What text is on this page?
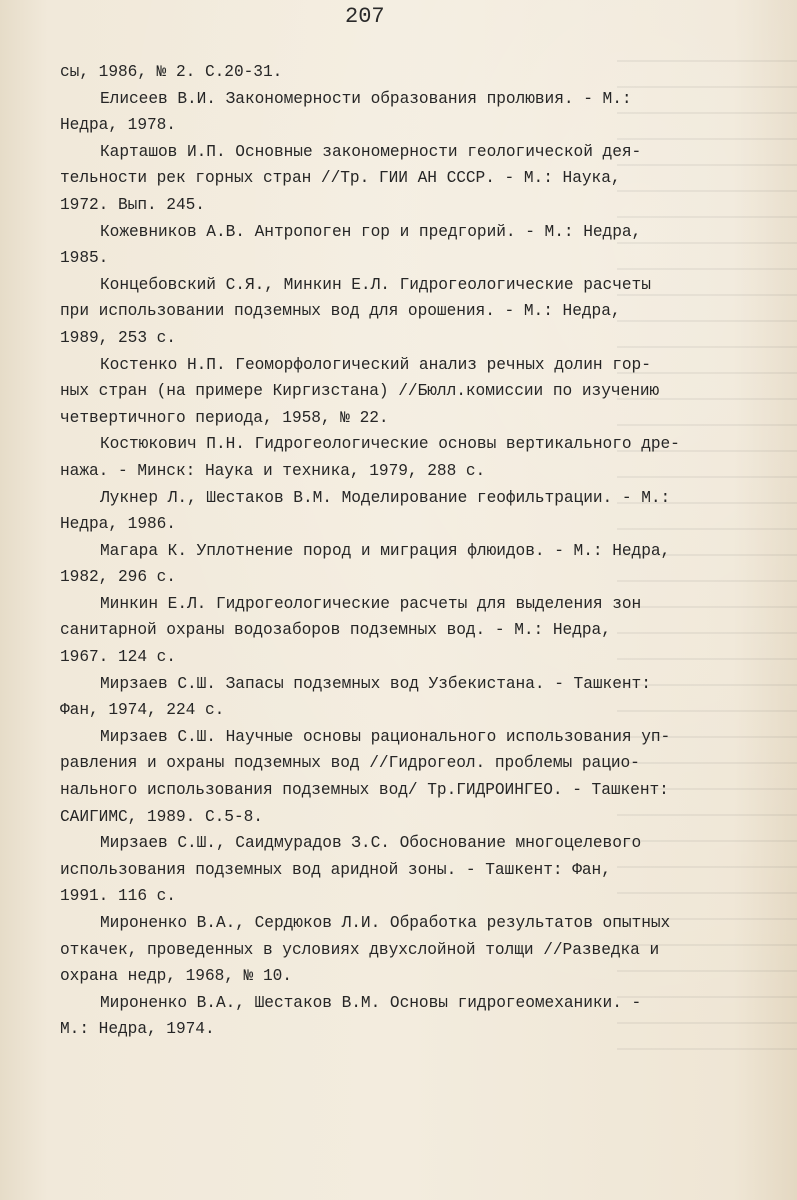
207
сы, 1986, № 2. С.20-31.
Елисеев В.И. Закономерности образования пролювия. - М.:
Недра, 1978.
Карташов И.П. Основные закономерности геологической дея-
тельности рек горных стран //Тр. ГИИ АН СССР. - М.: Наука,
1972. Вып. 245.
Кожевников А.В. Антропоген гор и предгорий. - М.: Недра,
1985.
Концебовский С.Я., Минкин Е.Л. Гидрогеологические расчеты
при использовании подземных вод для орошения. - М.: Недра,
1989, 253 с.
Костенко Н.П. Геоморфологический анализ речных долин гор-
ных стран (на примере Киргизстана) //Бюлл.комиссии по изучению
четвертичного периода, 1958, № 22.
Костюкович П.Н. Гидрогеологические основы вертикального дре-
нажа. - Минск: Наука и техника, 1979, 288 с.
Лукнер Л., Шестаков В.М. Моделирование геофильтрации. - М.:
Недра, 1986.
Магара К. Уплотнение пород и миграция флюидов. - М.: Недра,
1982, 296 с.
Минкин Е.Л. Гидрогеологические расчеты для выделения зон
санитарной охраны водозаборов подземных вод. - М.: Недра,
1967. 124 с.
Мирзаев С.Ш. Запасы подземных вод Узбекистана. - Ташкент:
Фан, 1974, 224 с.
Мирзаев С.Ш. Научные основы рационального использования уп-
равления и охраны подземных вод //Гидрогеол. проблемы рацио-
нального использования подземных вод/ Тр.ГИДРОИНГЕО. - Ташкент:
САИГИМС, 1989. С.5-8.
Мирзаев С.Ш., Саидмурадов З.С. Обоснование многоцелевого
использования подземных вод аридной зоны. - Ташкент: Фан,
1991. 116 с.
Мироненко В.А., Сердюков Л.И. Обработка результатов опытных
откачек, проведенных в условиях двухслойной толщи //Разведка и
охрана недр, 1968, № 10.
Мироненко В.А., Шестаков В.М. Основы гидрогеомеханики. -
М.: Недра, 1974.
